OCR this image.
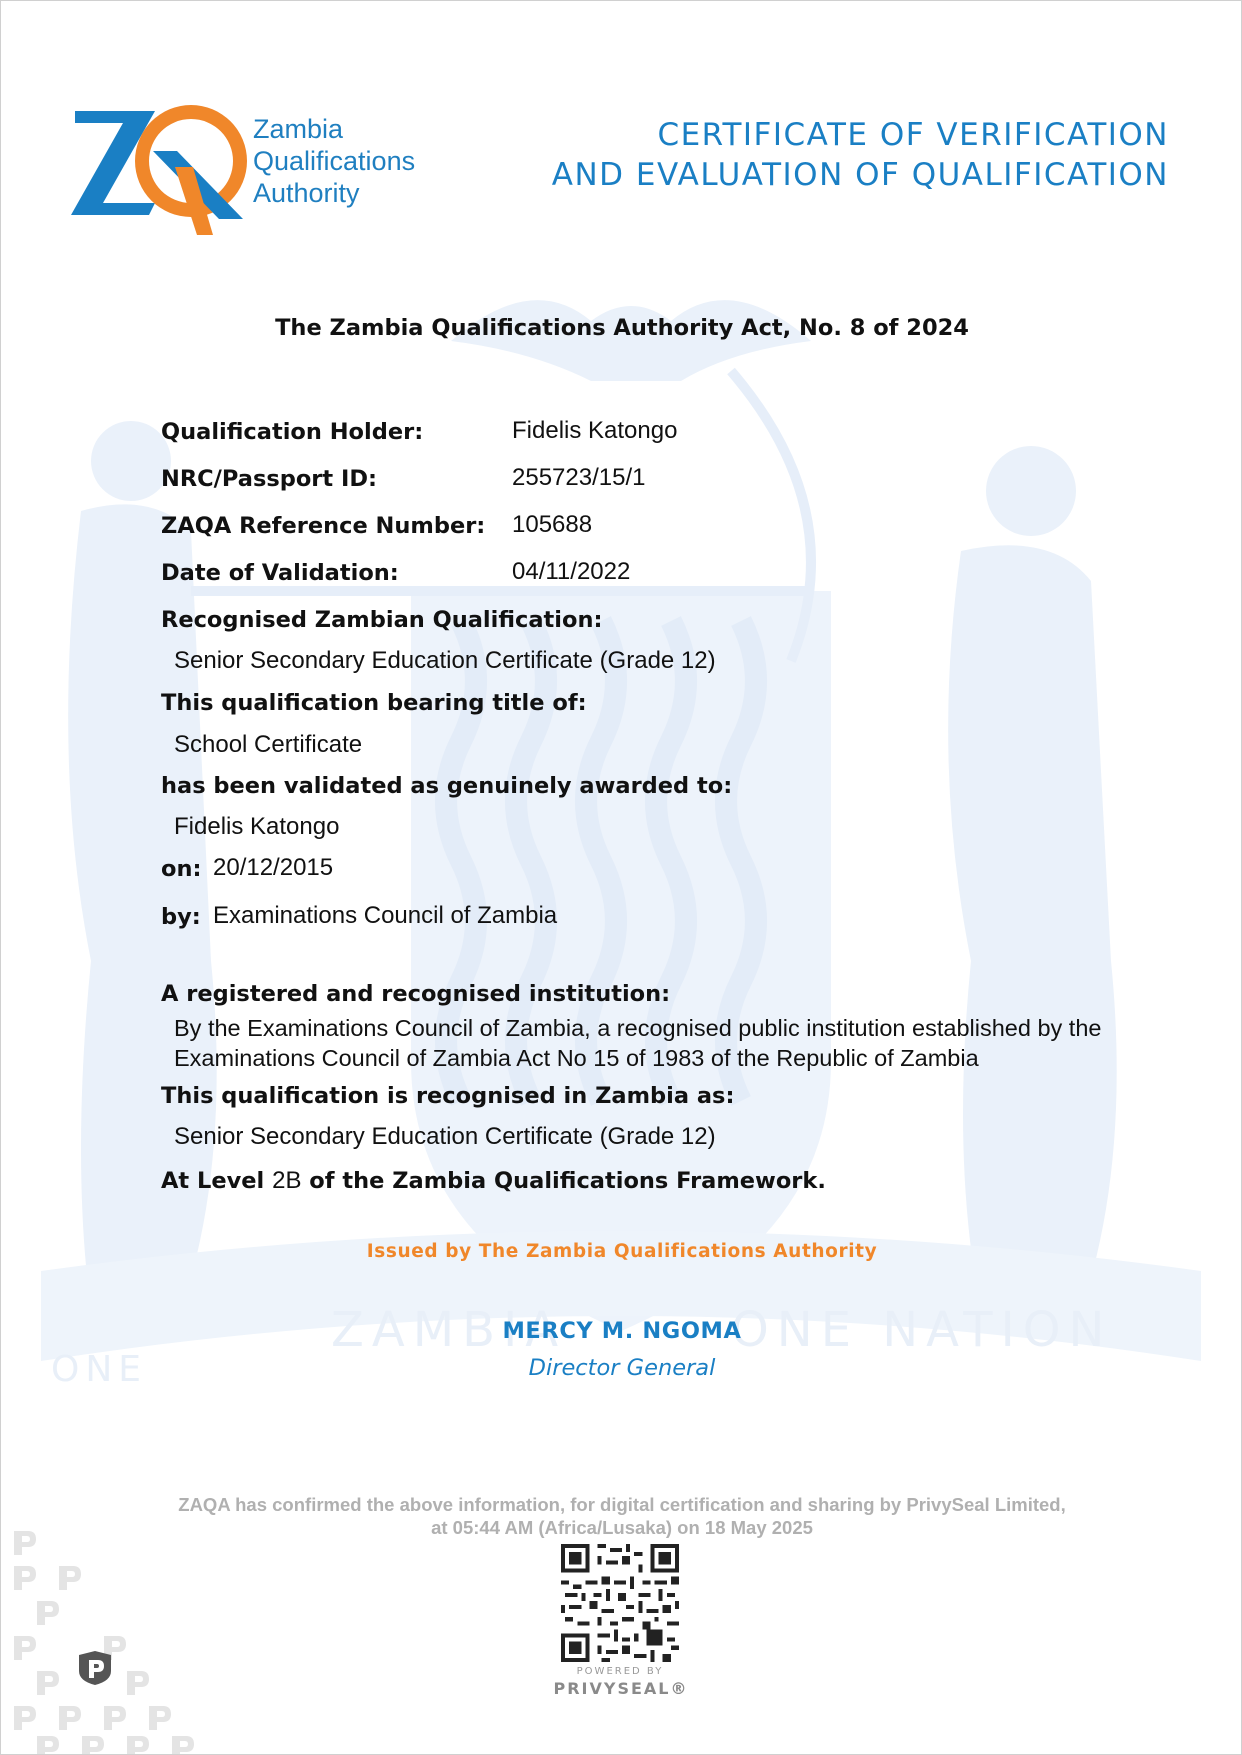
ZAMBIA
ONE
ONE NATION
Zambia
Qualifications
Authority
CERTIFICATE OF VERIFICATION
AND EVALUATION OF QUALIFICATION
The Zambia Qualifications Authority Act, No. 8 of 2024
Qualification Holder:	Fidelis Katongo
NRC/Passport ID:	255723/15/1
ZAQA Reference Number: 105688
Date of Validation:	04/11/2022
Recognised Zambian Qualification:
Senior Secondary Education Certificate (Grade 12)
This qualification bearing title of:
School Certificate
has been validated as genuinely awarded to:
Fidelis Katongo
on: 20/12/2015
by: Examinations Council of Zambia
A registered and recognised institution:
By the Examinations Council of Zambia, a recognised public institution established by the Examinations Council of Zambia Act No 15 of 1983 of the Republic of Zambia
This qualification is recognised in Zambia as:
Senior Secondary Education Certificate (Grade 12)
At Level 2B of the Zambia Qualifications Framework.
Issued by The Zambia Qualifications Authority
MERCY M. NGOMA
Director General
ZAQA has confirmed the above information, for digital certification and sharing by PrivySeal Limited,
at 05:44 AM (Africa/Lusaka) on 18 May 2025
POWERED BY
PRIVYSEAL®
